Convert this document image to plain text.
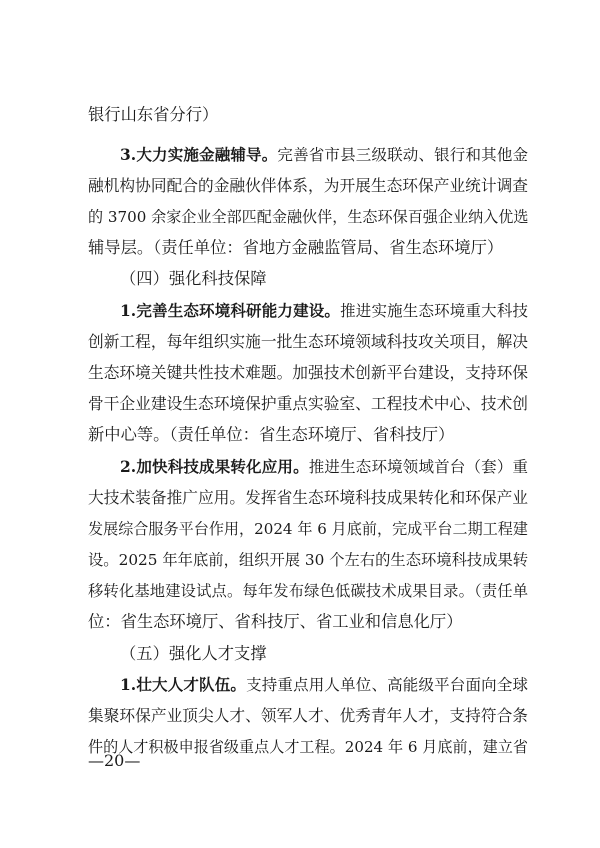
银行山东省分行）
3.大力实施金融辅导。完善省市县三级联动、银行和其他金
融机构协同配合的金融伙伴体系，为开展生态环保产业统计调查
的 3700 余家企业全部匹配金融伙伴，生态环保百强企业纳入优选
辅导层。（责任单位：省地方金融监管局、省生态环境厅）
（四）强化科技保障
1.完善生态环境科研能力建设。推进实施生态环境重大科技
创新工程，每年组织实施一批生态环境领域科技攻关项目，解决
生态环境关键共性技术难题。加强技术创新平台建设，支持环保
骨干企业建设生态环境保护重点实验室、工程技术中心、技术创
新中心等。（责任单位：省生态环境厅、省科技厅）
2.加快科技成果转化应用。推进生态环境领域首台（套）重
大技术装备推广应用。发挥省生态环境科技成果转化和环保产业
发展综合服务平台作用，2024 年 6 月底前，完成平台二期工程建
设。2025 年年底前，组织开展 30 个左右的生态环境科技成果转
移转化基地建设试点。每年发布绿色低碳技术成果目录。（责任单
位：省生态环境厅、省科技厅、省工业和信息化厅）
（五）强化人才支撑
1.壮大人才队伍。支持重点用人单位、高能级平台面向全球
集聚环保产业顶尖人才、领军人才、优秀青年人才，支持符合条
件的人才积极申报省级重点人才工程。2024 年 6 月底前，建立省
—20—
